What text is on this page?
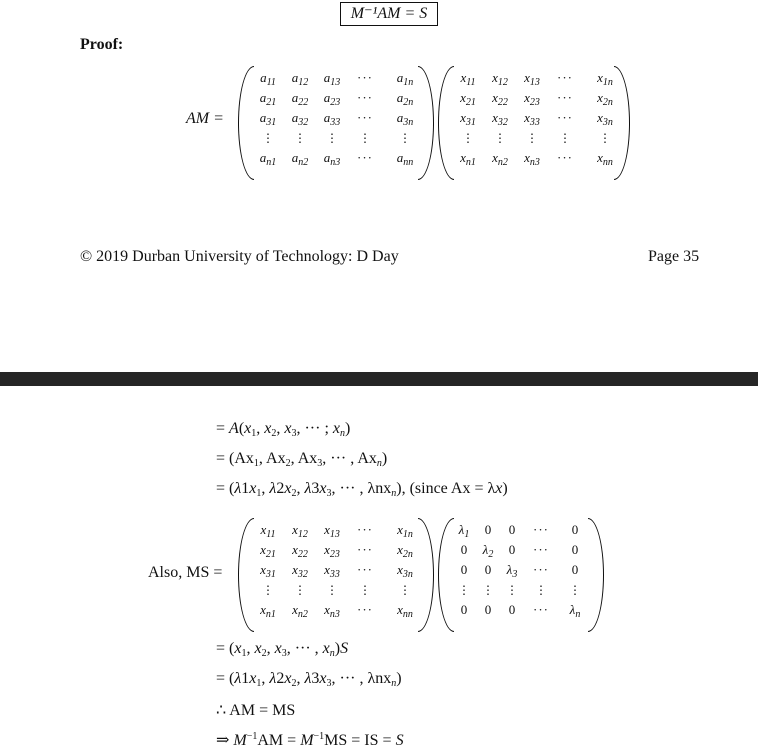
M⁻¹AM = S
Proof:
AM =
$a_{11}$	$a_{12}$	$a_{13}$	···	$a_{1n}$
$a_{21}$	$a_{22}$	$a_{23}$	···	$a_{2n}$
$a_{31}$	$a_{32}$	$a_{33}$	···	$a_{3n}$
⋮	⋮	⋮	⋮	⋮
$a_{n1}$	$a_{n2}$	$a_{n3}$	···	$a_{nn}$
$x_{11}$	$x_{12}$	$x_{13}$	···	$x_{1n}$
$x_{21}$	$x_{22}$	$x_{23}$	···	$x_{2n}$
$x_{31}$	$x_{32}$	$x_{33}$	···	$x_{3n}$
⋮	⋮	⋮	⋮	⋮
$x_{n1}$	$x_{n2}$	$x_{n3}$	···	$x_{nn}$
© 2019 Durban University of Technology: D Day	Page 35
= $A(x_1$, $x_2$, $x_3$, ··· ; $x_n$)
= ($Ax_1$, $Ax_2$, $Ax_3$, ··· , $Ax_n$)
= ($\lambda 1x_1$, $\lambda 2x_2$, $\lambda 3x_3$, ··· , λnx$_n$), (since Ax = λx)
Also, MS =
$x_{11}$	$x_{12}$	$x_{13}$	···	$x_{1n}$
$x_{21}$	$x_{22}$	$x_{23}$	···	$x_{2n}$
$x_{31}$	$x_{32}$	$x_{33}$	···	$x_{3n}$
⋮	⋮	⋮	⋮	⋮
$x_{n1}$	$x_{n2}$	$x_{n3}$	···	$x_{nn}$
$\lambda_1$	0	0	···	0
0	$\lambda_2$	0	···	0
0	0	$\lambda_3$	···	0
⋮	⋮	⋮	⋮	⋮
0	0	0	···	$\lambda_n$
= ($x_1$, $x_2$, $x_3$, ··· , $x_n)S$
= ($\lambda 1x_1$, $\lambda 2x_2$, $\lambda 3x_3$, ··· , λnx$_n$)
∴ AM = MS
⇒ $M^{-1}AM = M^{-1}MS$ = IS = S
